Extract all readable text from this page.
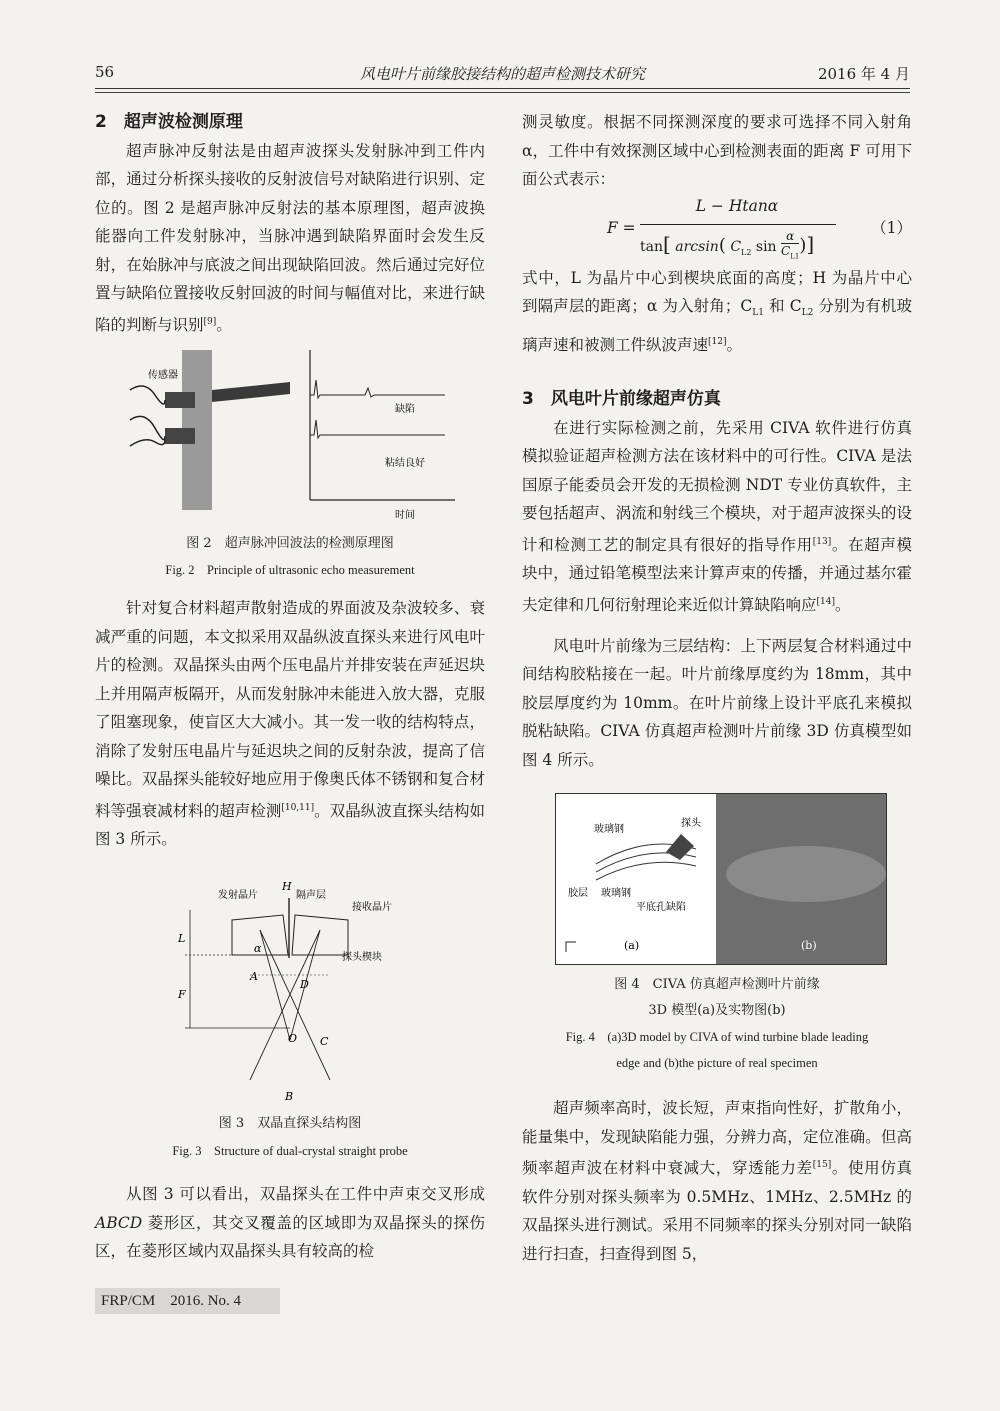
56	风电叶片前缘胶接结构的超声检测技术研究	2016 年 4 月

2　超声波检测原理

超声脉冲反射法是由超声波探头发射脉冲到工件内部，通过分析探头接收的反射波信号对缺陷进行识别、定位的。图 2 是超声脉冲反射法的基本原理图，超声波换能器向工件发射脉冲，当脉冲遇到缺陷界面时会发生反射，在始脉冲与底波之间出现缺陷回波。然后通过完好位置与缺陷位置接收反射回波的时间与幅值对比，来进行缺陷的判断与识别[9]。

传感器
缺陷
粘结良好
时间
图 2　超声脉冲回波法的检测原理图
Fig. 2　Principle of ultrasonic echo measurement

针对复合材料超声散射造成的界面波及杂波较多、衰减严重的问题，本文拟采用双晶纵波直探头来进行风电叶片的检测。双晶探头由两个压电晶片并排安装在声延迟块上并用隔声板隔开，从而发射脉冲未能进入放大器，克服了阻塞现象，使盲区大大减小。其一发一收的结构特点，消除了发射压电晶片与延迟块之间的反射杂波，提高了信噪比。双晶探头能较好地应用于像奥氏体不锈钢和复合材料等强衰减材料的超声检测[10,11]。双晶纵波直探头结构如图 3 所示。

发射晶片
H
隔声层
接收晶片
L
探头楔块
α
F
A
D
O C
B
图 3　双晶直探头结构图
Fig. 3　Structure of dual-crystal straight probe

从图 3 可以看出，双晶探头在工件中声束交叉形成 ABCD 菱形区，其交叉覆盖的区域即为双晶探头的探伤区，在菱形区域内双晶探头具有较高的检

FRP/CM　2016. No. 4

测灵敏度。根据不同探测深度的要求可选择不同入射角 α，工件中有效探测区域中心到检测表面的距离 F 可用下面公式表示：

F =
L − Htanα
tan[ arcsin( $C_{L2}$ $\sin \frac{\alpha}{C_{L1}}$)]
（1）

式中，L 为晶片中心到楔块底面的高度；H 为晶片中心到隔声层的距离；α 为入射角；$C_{L1}$ 和 $C_{L2}$ 分别为有机玻璃声速和被测工件纵波声速[12]。

3　风电叶片前缘超声仿真

在进行实际检测之前，先采用 CIVA 软件进行仿真模拟验证超声检测方法在该材料中的可行性。CIVA 是法国原子能委员会开发的无损检测 NDT 专业仿真软件，主要包括超声、涡流和射线三个模块，对于超声波探头的设计和检测工艺的制定具有很好的指导作用[13]。在超声模块中，通过铅笔模型法来计算声束的传播，并通过基尔霍夫定律和几何衍射理论来近似计算缺陷响应[14]。

风电叶片前缘为三层结构：上下两层复合材料通过中间结构胶粘接在一起。叶片前缘厚度约为 18mm，其中胶层厚度约为 10mm。在叶片前缘上设计平底孔来模拟脱粘缺陷。CIVA 仿真超声检测叶片前缘 3D 仿真模型如图 4 所示。

玻璃钢
探头
胶层 玻璃钢
平底孔缺陷
(a)	(b)
图 4　CIVA 仿真超声检测叶片前缘
3D 模型(a)及实物图(b)
Fig. 4　(a)3D model by CIVA of wind turbine blade leading
edge and (b)the picture of real specimen

超声频率高时，波长短，声束指向性好，扩散角小，能量集中，发现缺陷能力强，分辨力高，定位准确。但高频率超声波在材料中衰减大，穿透能力差[15]。使用仿真软件分别对探头频率为 0.5MHz、1MHz、2.5MHz 的双晶探头进行测试。采用不同频率的探头分别对同一缺陷进行扫查，扫查得到图 5，
